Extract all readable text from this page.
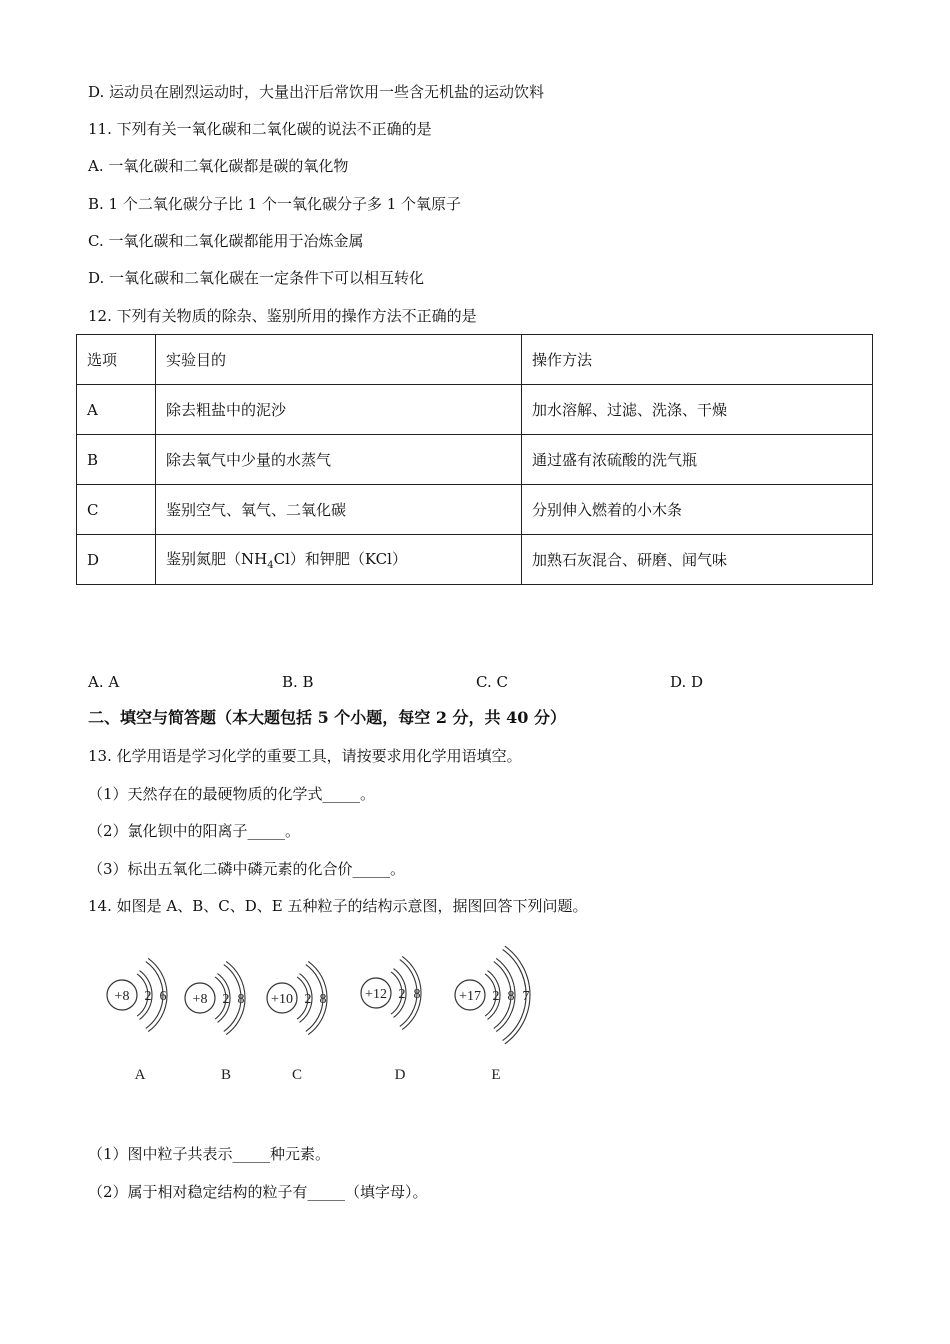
D. 运动员在剧烈运动时，大量出汗后常饮用一些含无机盐的运动饮料
11. 下列有关一氧化碳和二氧化碳的说法不正确的是
A. 一氧化碳和二氧化碳都是碳的氧化物
B. 1 个二氧化碳分子比 1 个一氧化碳分子多 1 个氧原子
C. 一氧化碳和二氧化碳都能用于冶炼金属
D. 一氧化碳和二氧化碳在一定条件下可以相互转化
12. 下列有关物质的除杂、鉴别所用的操作方法不正确的是
选项	实验目的	操作方法
A	除去粗盐中的泥沙	加水溶解、过滤、洗涤、干燥
B	除去氧气中少量的水蒸气	通过盛有浓硫酸的洗气瓶
C	鉴别空气、氧气、二氧化碳	分别伸入燃着的小木条
D	鉴别氮肥$(NH_4Cl)$和钾肥（KCl）	加熟石灰混合、研磨、闻气味
A. A	B. B	C. C	D. D
二、填空与简答题（本大题包括 5 个小题，每空 2 分，共 40 分）
13. 化学用语是学习化学的重要工具，请按要求用化学用语填空。
（1）天然存在的最硬物质的化学式_____。
（2）氯化钡中的阳离子_____。
（3）标出五氧化二磷中磷元素的化合价_____。
14. 如图是 A、B、C、D、E 五种粒子的结构示意图，据图回答下列问题。
+8 2 6
A
+8 2 8
B
+10 2 8
C
+12 2 8
D
+17 2 8 7
E
（1）图中粒子共表示_____种元素。
（2）属于相对稳定结构的粒子有_____（填字母）。
